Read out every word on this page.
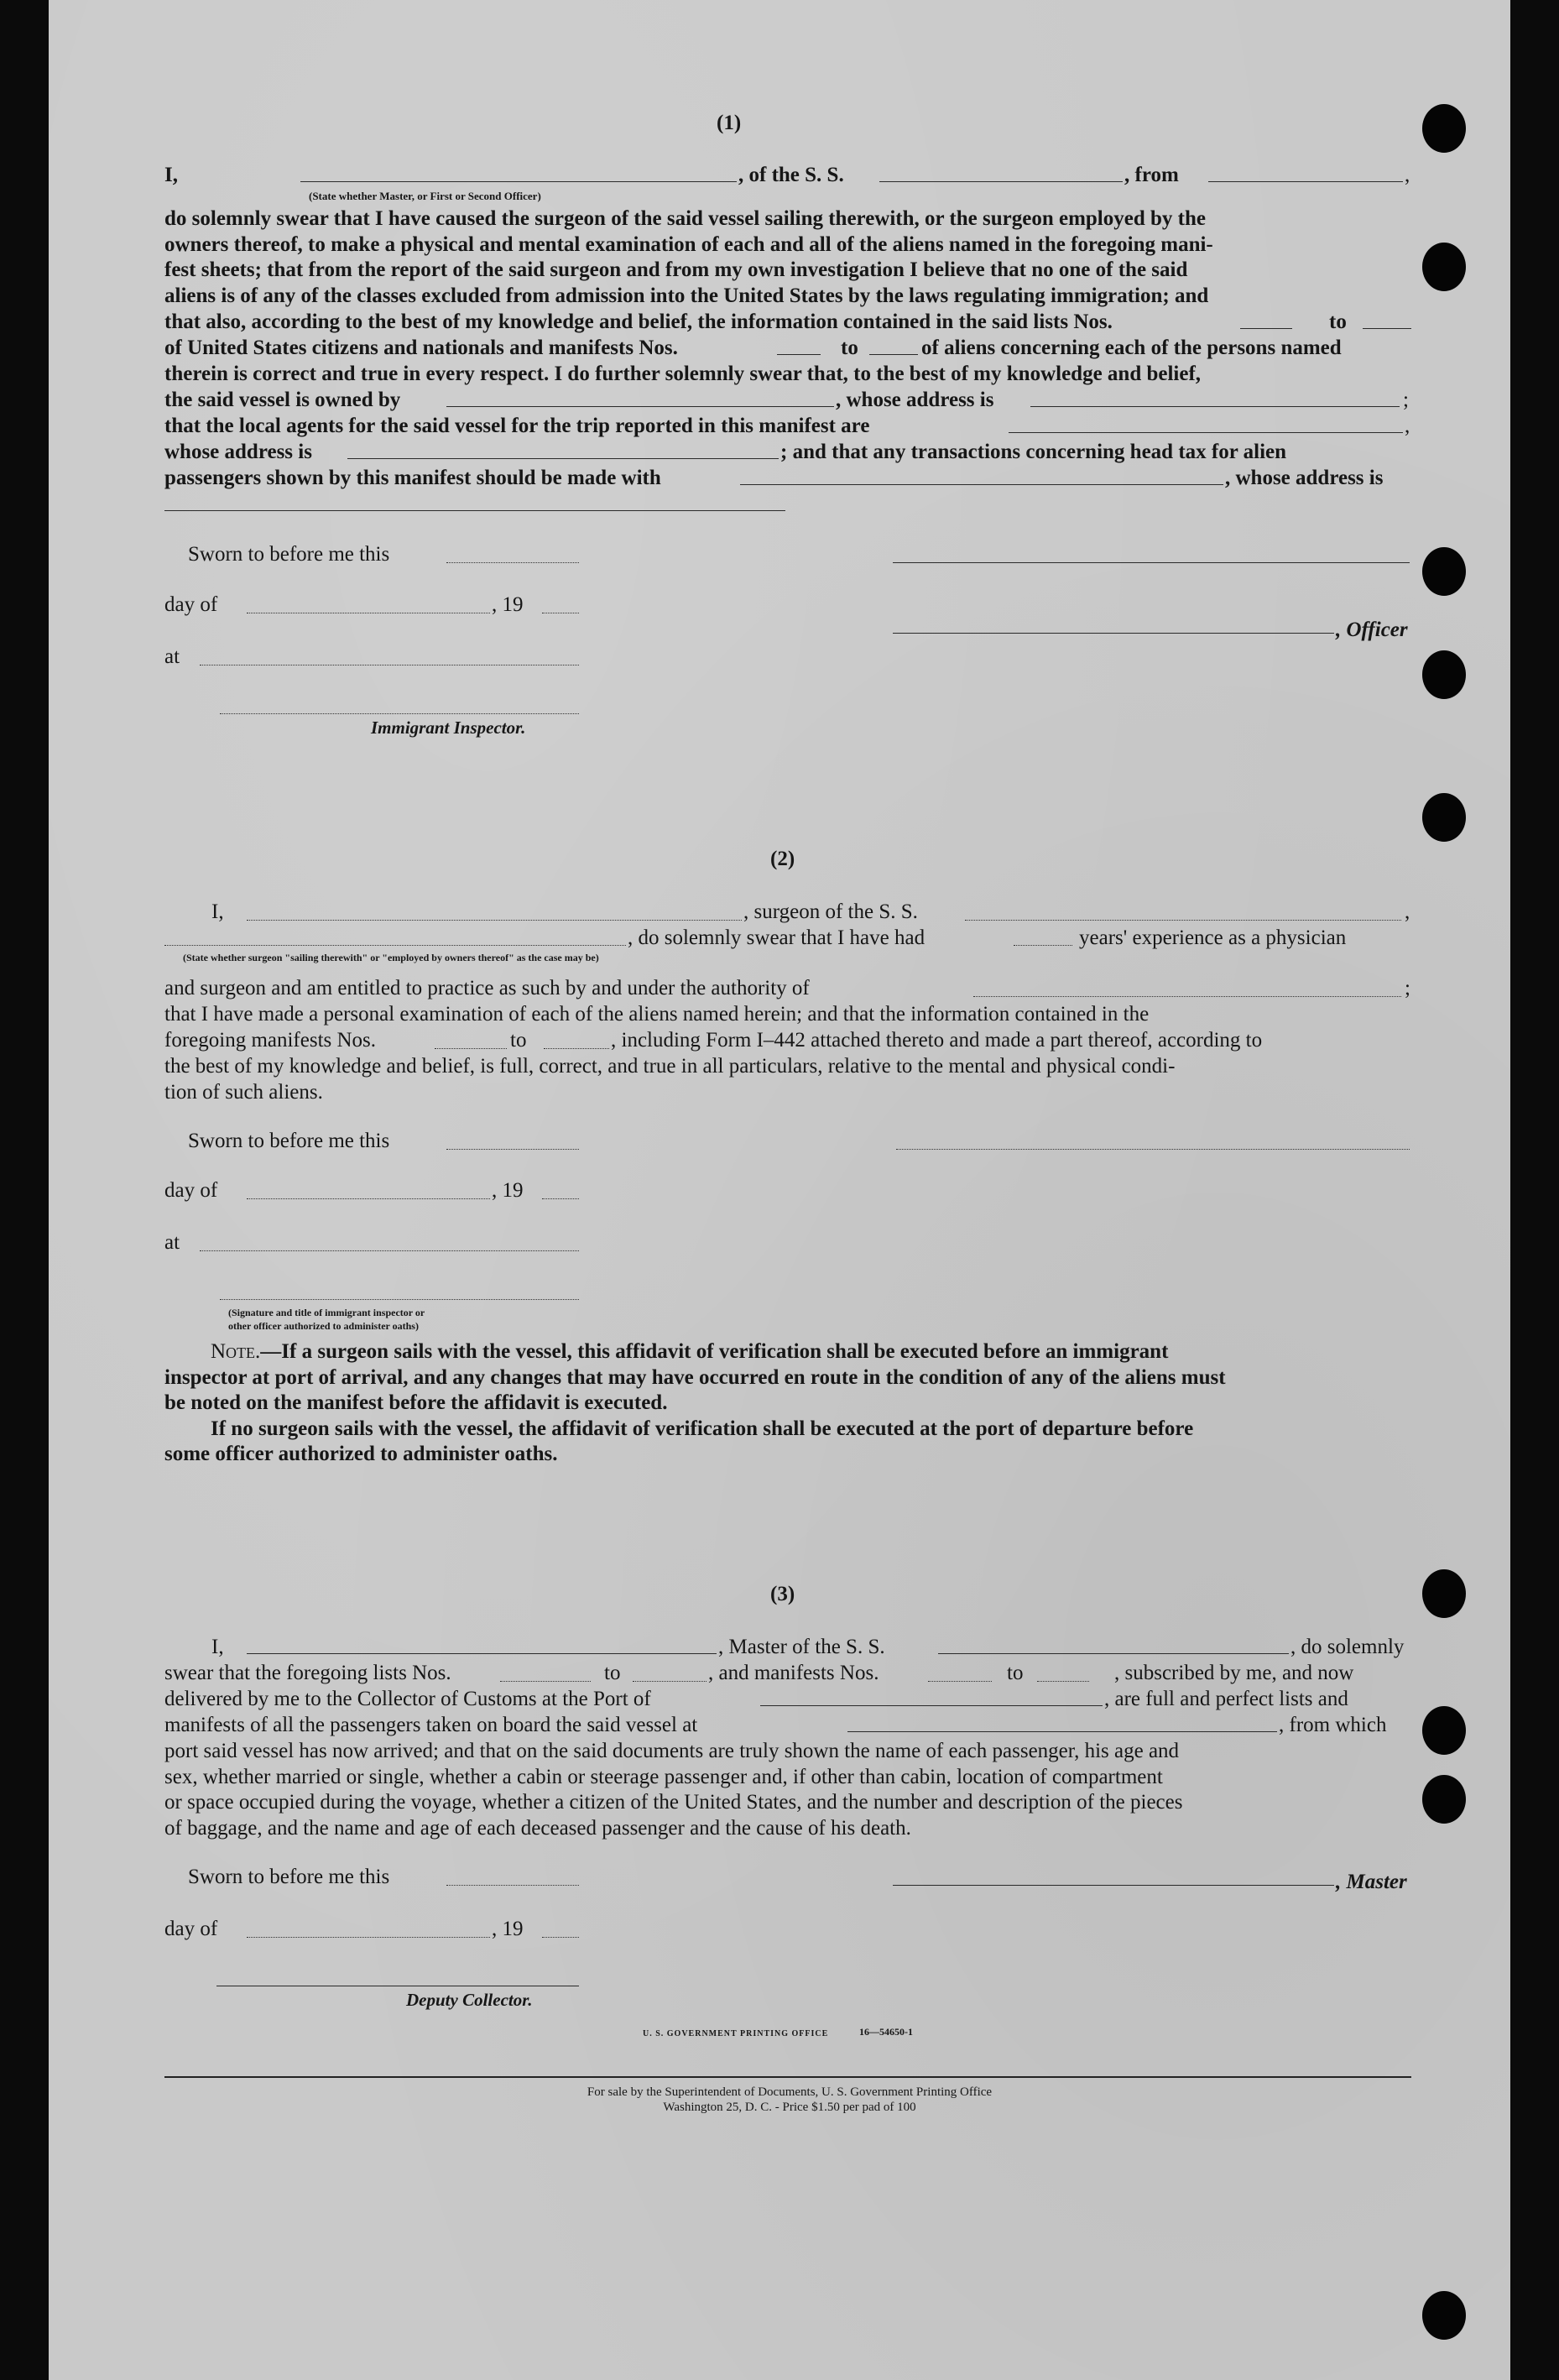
(1)
I,	, of the S. S.	, from	,
(State whether Master, or First or Second Officer)
do solemnly swear that I have caused the surgeon of the said vessel sailing therewith, or the surgeon employed by the
owners thereof, to make a physical and mental examination of each and all of the aliens named in the foregoing mani-
fest sheets; that from the report of the said surgeon and from my own investigation I believe that no one of the said
aliens is of any of the classes excluded from admission into the United States by the laws regulating immigration; and
that also, according to the best of my knowledge and belief, the information contained in the said lists Nos.	to
of United States citizens and nationals and manifests Nos.	to	of aliens concerning each of the persons named
therein is correct and true in every respect. I do further solemnly swear that, to the best of my knowledge and belief,
the said vessel is owned by	, whose address is	;
that the local agents for the said vessel for the trip reported in this manifest are	,
whose address is	; and that any transactions concerning head tax for alien
passengers shown by this manifest should be made with	, whose address is
Sworn to before me this
day of	, 19
, Officer
at
Immigrant Inspector.
(2)
I,	, surgeon of the S. S.	,
, do solemnly swear that I have had	years' experience as a physician
(State whether surgeon "sailing therewith" or "employed by owners thereof" as the case may be)
and surgeon and am entitled to practice as such by and under the authority of	;
that I have made a personal examination of each of the aliens named herein; and that the information contained in the
foregoing manifests Nos.	to	, including Form I–442 attached thereto and made a part thereof, according to
the best of my knowledge and belief, is full, correct, and true in all particulars, relative to the mental and physical condi-
tion of such aliens.
Sworn to before me this
day of	, 19
at
(Signature and title of immigrant inspector or
other officer authorized to administer oaths)
Note.—If a surgeon sails with the vessel, this affidavit of verification shall be executed before an immigrant
inspector at port of arrival, and any changes that may have occurred en route in the condition of any of the aliens must
be noted on the manifest before the affidavit is executed.
If no surgeon sails with the vessel, the affidavit of verification shall be executed at the port of departure before
some officer authorized to administer oaths.
(3)
I,	, Master of the S. S.	, do solemnly
swear that the foregoing lists Nos.	to	, and manifests Nos.	to	, subscribed by me, and now
delivered by me to the Collector of Customs at the Port of	, are full and perfect lists and
manifests of all the passengers taken on board the said vessel at	, from which
port said vessel has now arrived; and that on the said documents are truly shown the name of each passenger, his age and
sex, whether married or single, whether a cabin or steerage passenger and, if other than cabin, location of compartment
or space occupied during the voyage, whether a citizen of the United States, and the number and description of the pieces
of baggage, and the name and age of each deceased passenger and the cause of his death.
Sworn to before me this	, Master
day of	, 19
Deputy Collector.
U. S. GOVERNMENT PRINTING OFFICE	16—54650-1
For sale by the Superintendent of Documents, U. S. Government Printing Office
Washington 25, D. C. - Price $1.50 per pad of 100
